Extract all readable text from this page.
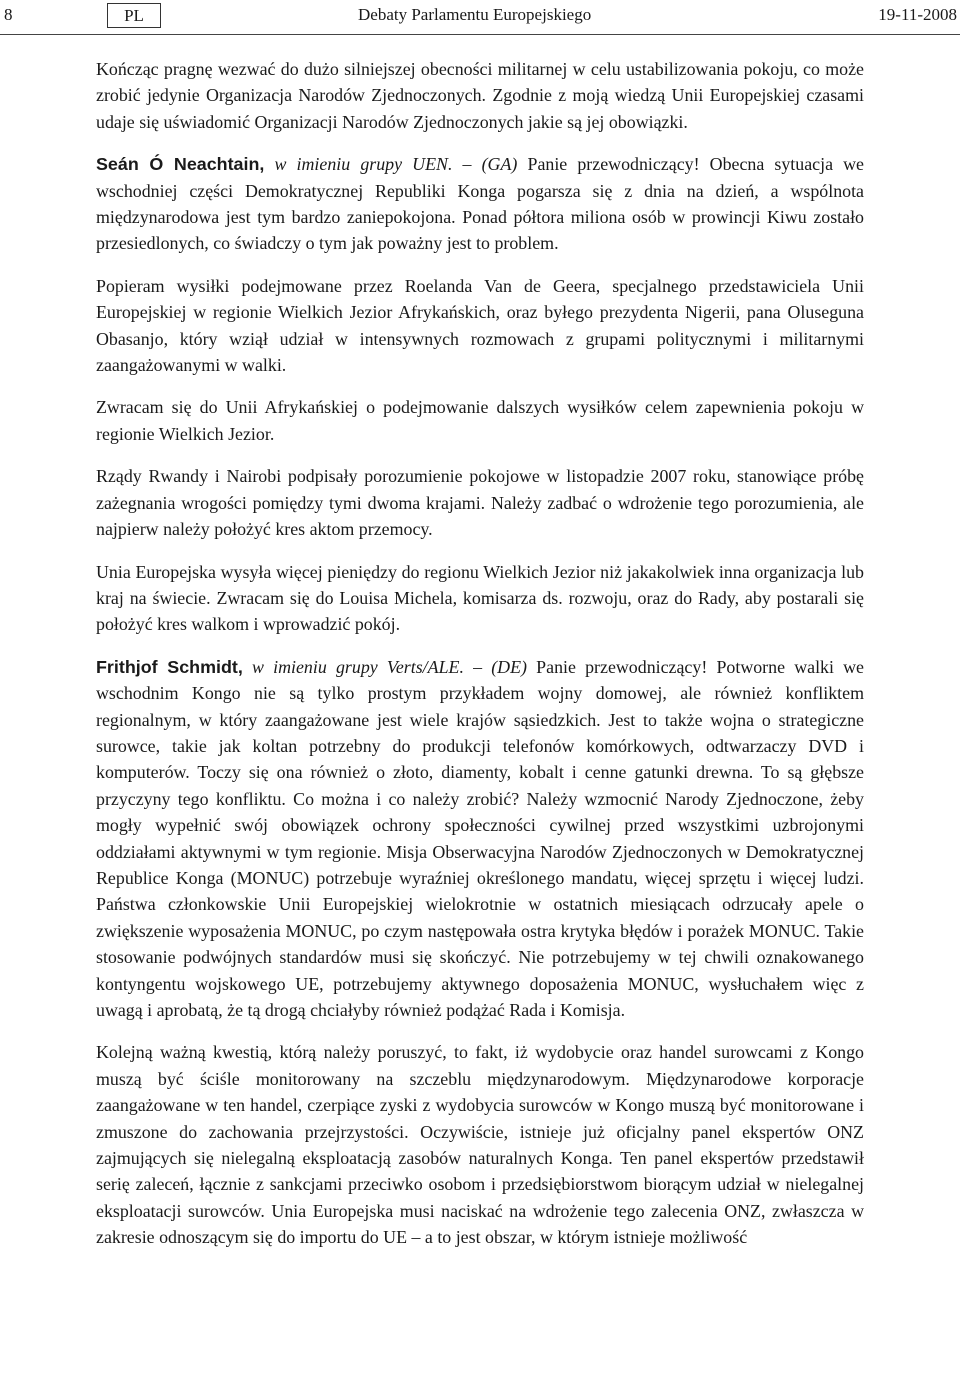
8	PL	Debaty Parlamentu Europejskiego	19-11-2008

Kończąc pragnę wezwać do dużo silniejszej obecności militarnej w celu ustabilizowania pokoju, co może zrobić jedynie Organizacja Narodów Zjednoczonych. Zgodnie z moją wiedzą Unii Europejskiej czasami udaje się uświadomić Organizacji Narodów Zjednoczonych jakie są jej obowiązki.

Seán Ó Neachtain, w imieniu grupy UEN. – (GA) Panie przewodniczący! Obecna sytuacja we wschodniej części Demokratycznej Republiki Konga pogarsza się z dnia na dzień, a wspólnota międzynarodowa jest tym bardzo zaniepokojona. Ponad półtora miliona osób w prowincji Kiwu zostało przesiedlonych, co świadczy o tym jak poważny jest to problem.

Popieram wysiłki podejmowane przez Roelanda Van de Geera, specjalnego przedstawiciela Unii Europejskiej w regionie Wielkich Jezior Afrykańskich, oraz byłego prezydenta Nigerii, pana Oluseguna Obasanjo, który wziął udział w intensywnych rozmowach z grupami politycznymi i militarnymi zaangażowanymi w walki.

Zwracam się do Unii Afrykańskiej o podejmowanie dalszych wysiłków celem zapewnienia pokoju w regionie Wielkich Jezior.

Rządy Rwandy i Nairobi podpisały porozumienie pokojowe w listopadzie 2007 roku, stanowiące próbę zażegnania wrogości pomiędzy tymi dwoma krajami. Należy zadbać o wdrożenie tego porozumienia, ale najpierw należy położyć kres aktom przemocy.

Unia Europejska wysyła więcej pieniędzy do regionu Wielkich Jezior niż jakakolwiek inna organizacja lub kraj na świecie. Zwracam się do Louisa Michela, komisarza ds. rozwoju, oraz do Rady, aby postarali się położyć kres walkom i wprowadzić pokój.

Frithjof Schmidt, w imieniu grupy Verts/ALE. – (DE) Panie przewodniczący! Potworne walki we wschodnim Kongo nie są tylko prostym przykładem wojny domowej, ale również konfliktem regionalnym, w który zaangażowane jest wiele krajów sąsiedzkich. Jest to także wojna o strategiczne surowce, takie jak koltan potrzebny do produkcji telefonów komórkowych, odtwarzaczy DVD i komputerów. Toczy się ona również o złoto, diamenty, kobalt i cenne gatunki drewna. To są głębsze przyczyny tego konfliktu. Co można i co należy zrobić? Należy wzmocnić Narody Zjednoczone, żeby mogły wypełnić swój obowiązek ochrony społeczności cywilnej przed wszystkimi uzbrojonymi oddziałami aktywnymi w tym regionie. Misja Obserwacyjna Narodów Zjednoczonych w Demokratycznej Republice Konga (MONUC) potrzebuje wyraźniej określonego mandatu, więcej sprzętu i więcej ludzi. Państwa członkowskie Unii Europejskiej wielokrotnie w ostatnich miesiącach odrzucały apele o zwiększenie wyposażenia MONUC, po czym następowała ostra krytyka błędów i porażek MONUC. Takie stosowanie podwójnych standardów musi się skończyć. Nie potrzebujemy w tej chwili oznakowanego kontyngentu wojskowego UE, potrzebujemy aktywnego doposażenia MONUC, wysłuchałem więc z uwagą i aprobatą, że tą drogą chciałyby również podążać Rada i Komisja.

Kolejną ważną kwestią, którą należy poruszyć, to fakt, iż wydobycie oraz handel surowcami z Kongo muszą być ściśle monitorowany na szczeblu międzynarodowym. Międzynarodowe korporacje zaangażowane w ten handel, czerpiące zyski z wydobycia surowców w Kongo muszą być monitorowane i zmuszone do zachowania przejrzystości. Oczywiście, istnieje już oficjalny panel ekspertów ONZ zajmujących się nielegalną eksploatacją zasobów naturalnych Konga. Ten panel ekspertów przedstawił serię zaleceń, łącznie z sankcjami przeciwko osobom i przedsiębiorstwom biorącym udział w nielegalnej eksploatacji surowców. Unia Europejska musi naciskać na wdrożenie tego zalecenia ONZ, zwłaszcza w zakresie odnoszącym się do importu do UE – a to jest obszar, w którym istnieje możliwość
